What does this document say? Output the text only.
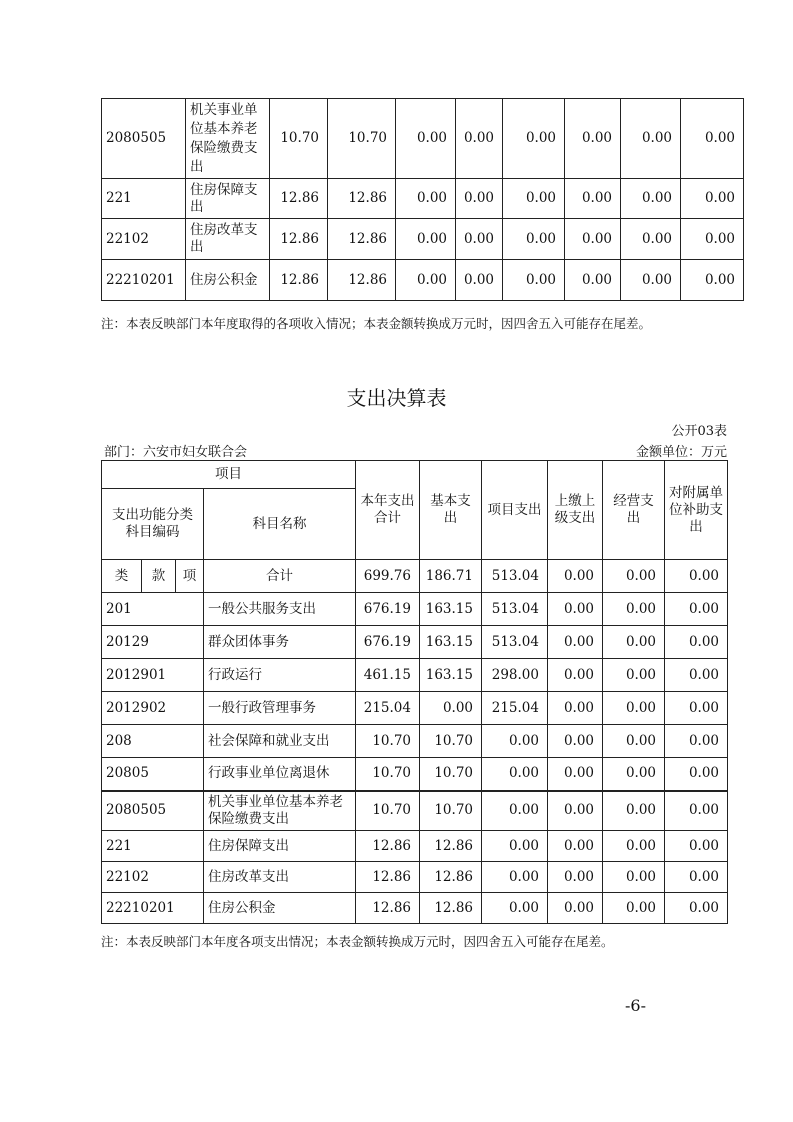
2080505	机关事业单位基本养老保险缴费支出	10.70	10.70	0.00	0.00	0.00	0.00	0.00	0.00
221	住房保障支出	12.86	12.86	0.00	0.00	0.00	0.00	0.00	0.00
22102	住房改革支出	12.86	12.86	0.00	0.00	0.00	0.00	0.00	0.00
22210201	住房公积金	12.86	12.86	0.00	0.00	0.00	0.00	0.00	0.00
注：本表反映部门本年度取得的各项收入情况；本表金额转换成万元时，因四舍五入可能存在尾差。
支出决算表
公开03表
部门：六安市妇女联合会	金额单位：万元
项目				本年支出合计	基本支出	项目支出	上缴上级支出	经营支出	对附属单位补助支出
支出功能分类科目编码			科目名称						
类	款	项	合计	699.76	186.71	513.04	0.00	0.00	0.00
201			一般公共服务支出	676.19	163.15	513.04	0.00	0.00	0.00
20129			群众团体事务	676.19	163.15	513.04	0.00	0.00	0.00
2012901			行政运行	461.15	163.15	298.00	0.00	0.00	0.00
2012902			一般行政管理事务	215.04	0.00	215.04	0.00	0.00	0.00
208			社会保障和就业支出	10.70	10.70	0.00	0.00	0.00	0.00
20805			行政事业单位离退休	10.70	10.70	0.00	0.00	0.00	0.00
2080505			机关事业单位基本养老保险缴费支出	10.70	10.70	0.00	0.00	0.00	0.00
221			住房保障支出	12.86	12.86	0.00	0.00	0.00	0.00
22102			住房改革支出	12.86	12.86	0.00	0.00	0.00	0.00
22210201			住房公积金	12.86	12.86	0.00	0.00	0.00	0.00
注：本表反映部门本年度各项支出情况；本表金额转换成万元时，因四舍五入可能存在尾差。
-6-
